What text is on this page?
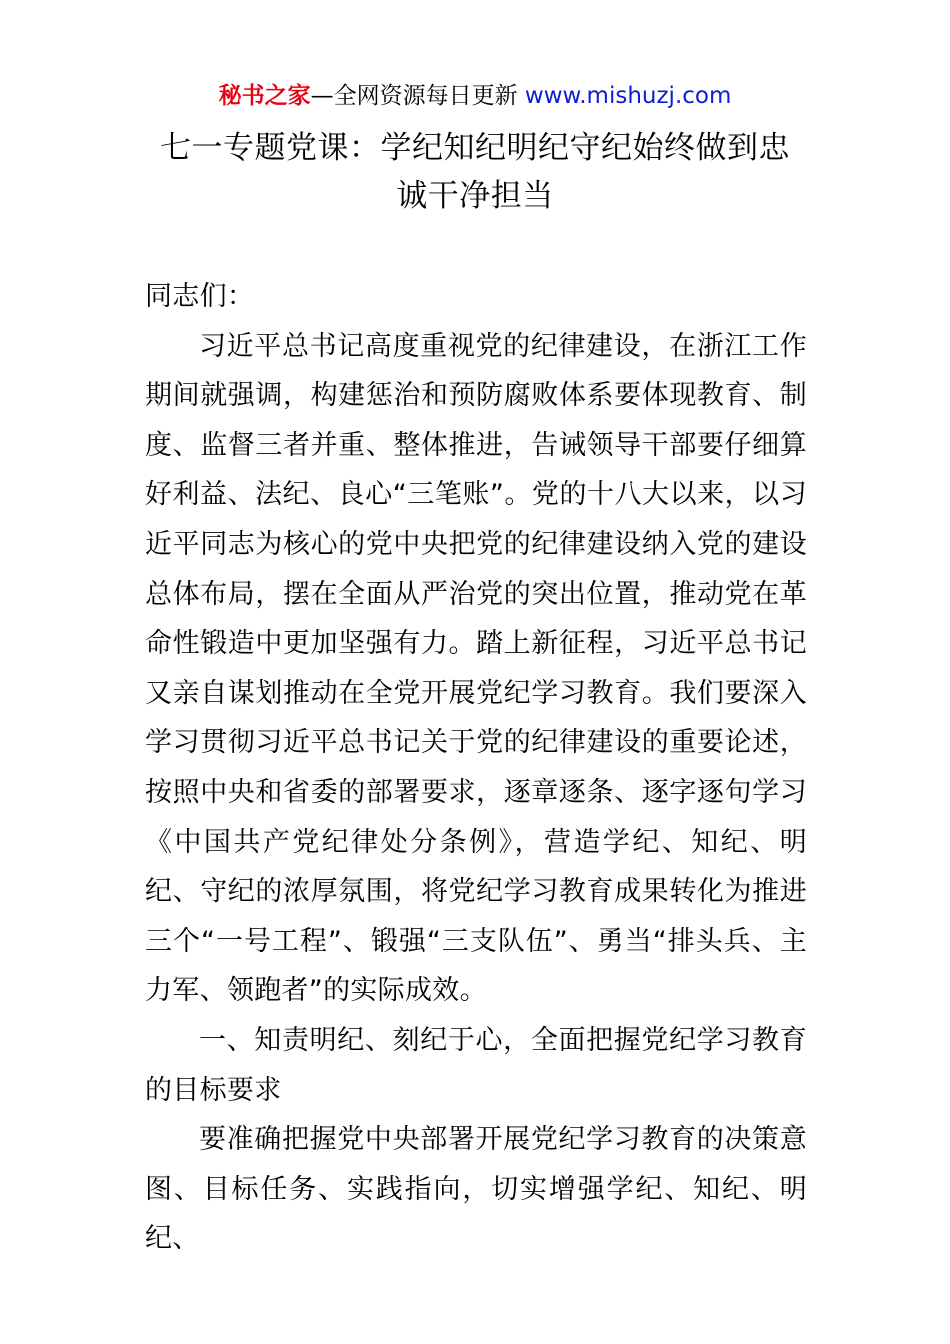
秘书之家—全网资源每日更新 www.mishuzj.com
七一专题党课：学纪知纪明纪守纪始终做到忠
诚干净担当

同志们：

习近平总书记高度重视党的纪律建设，在浙江工作期间就强调，构建惩治和预防腐败体系要体现教育、制度、监督三者并重、整体推进，告诫领导干部要仔细算好利益、法纪、良心“三笔账”。党的十八大以来，以习近平同志为核心的党中央把党的纪律建设纳入党的建设总体布局，摆在全面从严治党的突出位置，推动党在革命性锻造中更加坚强有力。踏上新征程，习近平总书记又亲自谋划推动在全党开展党纪学习教育。我们要深入学习贯彻习近平总书记关于党的纪律建设的重要论述，按照中央和省委的部署要求，逐章逐条、逐字逐句学习《中国共产党纪律处分条例》，营造学纪、知纪、明纪、守纪的浓厚氛围，将党纪学习教育成果转化为推进三个“一号工程”、锻强“三支队伍”、勇当“排头兵、主力军、领跑者”的实际成效。

一、知责明纪、刻纪于心，全面把握党纪学习教育的目标要求

要准确把握党中央部署开展党纪学习教育的决策意图、目标任务、实践指向，切实增强学纪、知纪、明纪、
